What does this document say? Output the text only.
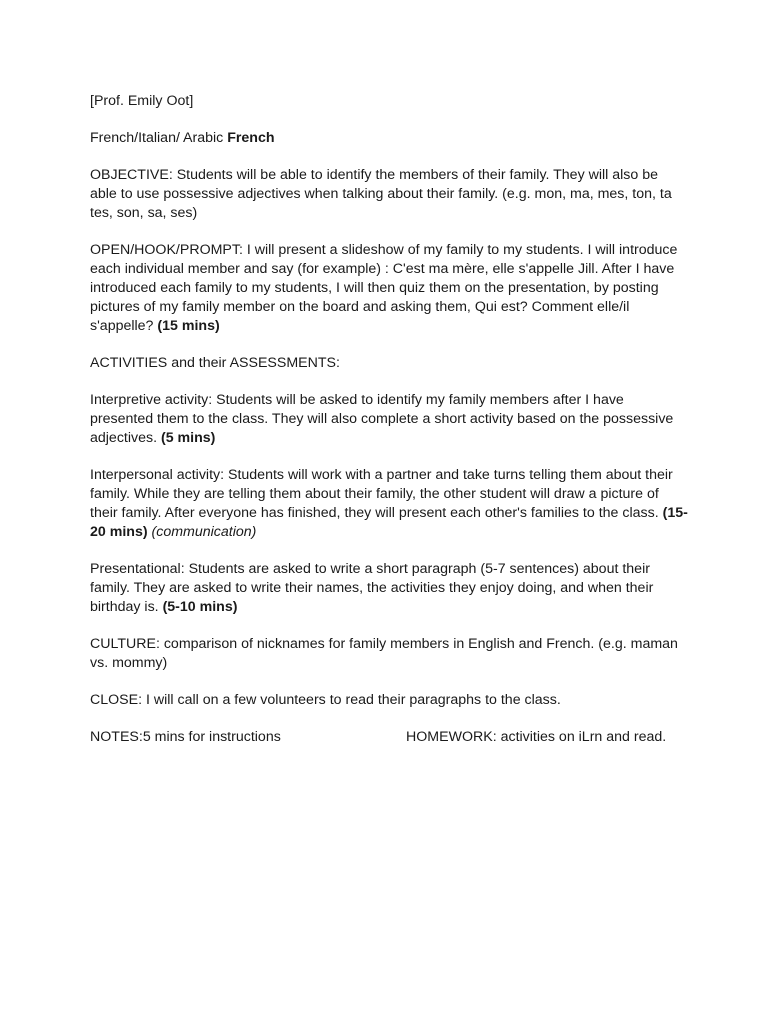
[Prof. Emily Oot]

French/Italian/ Arabic French

OBJECTIVE: Students will be able to identify the members of their family. They will also be able to use possessive adjectives when talking about their family. (e.g. mon, ma, mes, ton, ta tes, son, sa, ses)

OPEN/HOOK/PROMPT: I will present a slideshow of my family to my students. I will introduce each individual member and say (for example) : C'est ma mère, elle s'appelle Jill. After I have introduced each family to my students, I will then quiz them on the presentation, by posting pictures of my family member on the board and asking them, Qui est? Comment elle/il s'appelle? (15 mins)

ACTIVITIES and their ASSESSMENTS:

Interpretive activity: Students will be asked to identify my family members after I have presented them to the class. They will also complete a short activity based on the possessive adjectives. (5 mins)

Interpersonal activity: Students will work with a partner and take turns telling them about their family. While they are telling them about their family, the other student will draw a picture of their family. After everyone has finished, they will present each other's families to the class. (15-20 mins) (communication)

Presentational: Students are asked to write a short paragraph (5-7 sentences) about their family. They are asked to write their names, the activities they enjoy doing, and when their birthday is. (5-10 mins)

CULTURE: comparison of nicknames for family members in English and French. (e.g. maman vs. mommy)

CLOSE: I will call on a few volunteers to read their paragraphs to the class.

NOTES:5 mins for instructions	HOMEWORK: activities on iLrn and read.
